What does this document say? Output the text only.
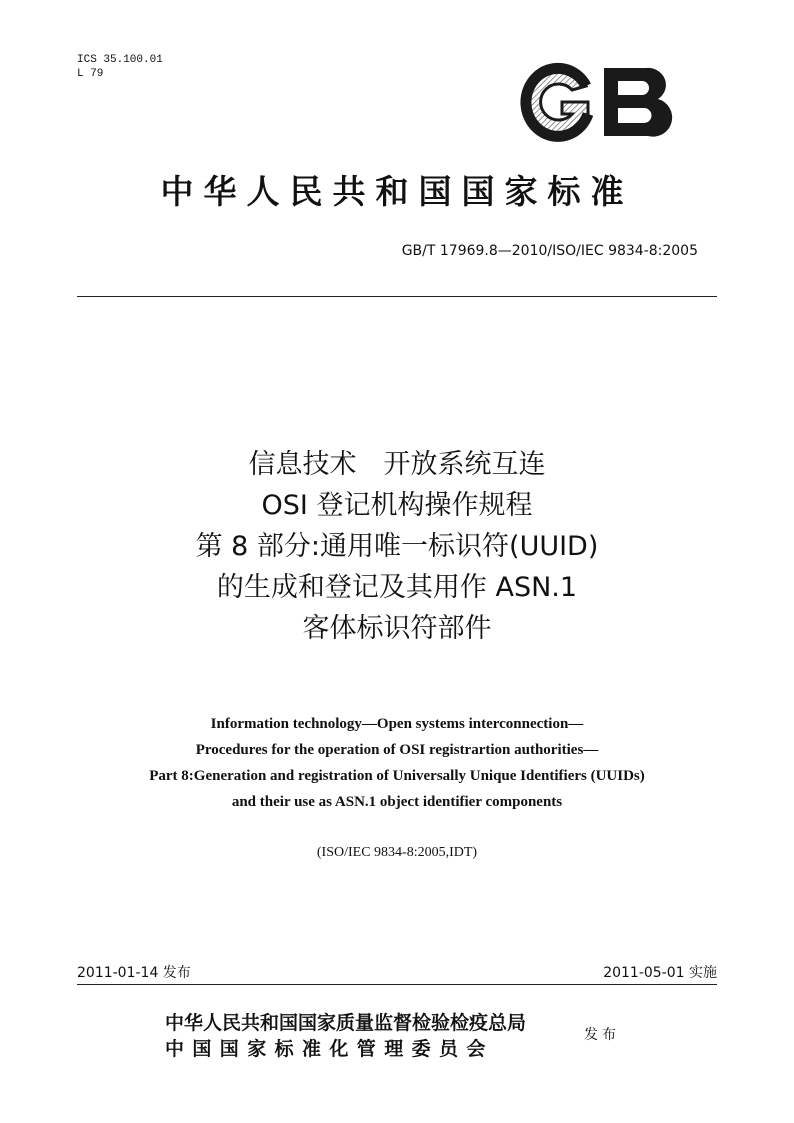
ICS 35.100.01
L 79
中华人民共和国国家标准
GB/T 17969.8—2010/ISO/IEC 9834-8:2005
信息技术　开放系统互连
OSI 登记机构操作规程
第 8 部分:通用唯一标识符(UUID)
的生成和登记及其用作 ASN.1
客体标识符部件
Information technology—Open systems interconnection—
Procedures for the operation of OSI registrartion authorities—
Part 8:Generation and registration of Universally Unique Identifiers (UUIDs)
and their use as ASN.1 object identifier components
(ISO/IEC 9834-8:2005,IDT)
2011-01-14 发布	2011-05-01 实施
中华人民共和国国家质量监督检验检疫总局
中国国家标准化管理委员会
发布
